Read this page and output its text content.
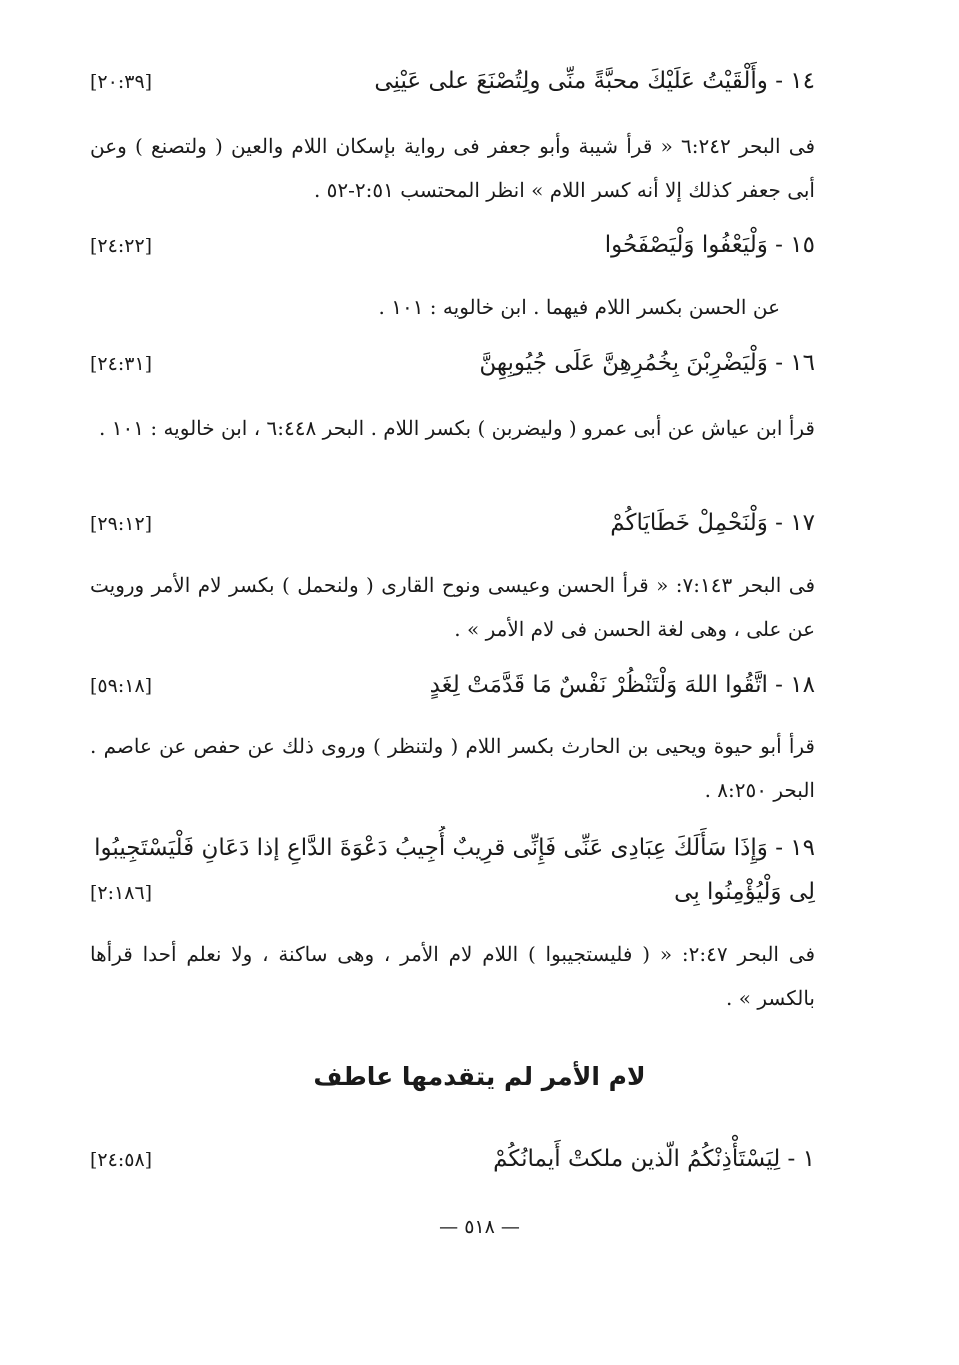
١٤ - وأَلْقَيْتُ عَلَيْكَ محبَّةً منِّى ولِتُصْنَعَ على عَيْنِى
[٢٠:٣٩]
فى البحر ٦:٢٤٢ « قرأ شيبة وأبو جعفر فى رواية بإسكان اللام والعين ( ولتصنع ) وعن أبى جعفر كذلك إلا أنه كسر اللام » انظر المحتسب ٢:٥١-٥٢ .
١٥ - وَلْيَعْفُوا وَلْيَصْفَحُوا
[٢٤:٢٢]
عن الحسن بكسر اللام فيهما . ابن خالويه : ١٠١ .
١٦ - وَلْيَضْرِبْنَ بِخُمُرِهِنَّ عَلَى جُيُوبِهِنَّ
[٢٤:٣١]
قرأ ابن عياش عن أبى عمرو ( وليضربن ) بكسر اللام . البحر ٦:٤٤٨ ، ابن خالويه : ١٠١ .
١٧ - وَلْنَحْمِلْ خَطَايَاكُمْ
[٢٩:١٢]
فى البحر ٧:١٤٣: « قرأ الحسن وعيسى ونوح القارى ( ولنحمل ) بكسر لام الأمر ورويت عن على ، وهى لغة الحسن فى لام الأمر » .
١٨ - اتَّقُوا اللهَ وَلْتَنْظُرْ نَفْسٌ مَا قَدَّمَتْ لِغَدٍ
[٥٩:١٨]
قرأ أبو حيوة ويحيى بن الحارث بكسر اللام ( ولتنظر ) وروى ذلك عن حفص عن عاصم . البحر ٨:٢٥٠ .
١٩ - وَإِذَا سَأَلَكَ عِبَادِى عَنِّى فَإِنِّى قرِيبٌ أُجِيبُ دَعْوَةَ الدَّاعِ إذا دَعَانِ فَلْيَسْتَجِيبُوا
لِى وَلْيُؤْمِنُوا بِى
[٢:١٨٦]
فى البحر ٢:٤٧: « ( فليستجيبوا ) اللام لام الأمر ، وهى ساكنة ، ولا نعلم أحدا قرأها بالكسر » .
لام الأمر لم يتقدمها عاطف
١ - لِيَسْتَأْذِنْكُمُ الّذين ملكتْ أَيمانُكُمْ
[٢٤:٥٨]
— ٥١٨ —
